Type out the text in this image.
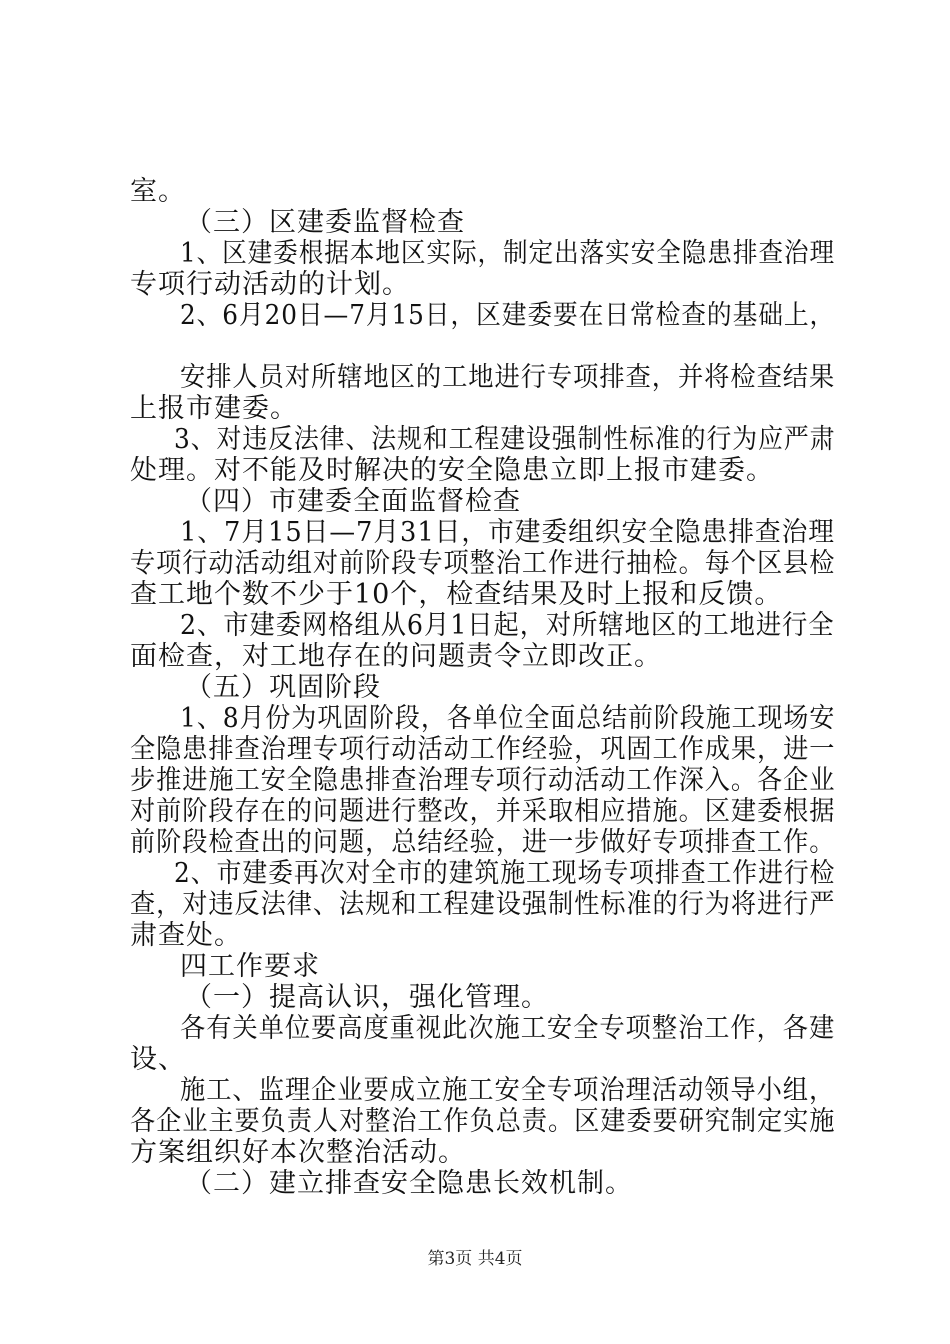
室。
（三）区建委监督检查
1、区建委根据本地区实际，制定出落实安全隐患排查治理
专项行动活动的计划。
2、6月20日—7月15日，区建委要在日常检查的基础上，
安排人员对所辖地区的工地进行专项排查，并将检查结果
上报市建委。
3、对违反法律、法规和工程建设强制性标准的行为应严肃
处理。对不能及时解决的安全隐患立即上报市建委。
（四）市建委全面监督检查
1、7月15日—7月31日，市建委组织安全隐患排查治理
专项行动活动组对前阶段专项整治工作进行抽检。每个区县检
查工地个数不少于10个，检查结果及时上报和反馈。
2、市建委网格组从6月1日起，对所辖地区的工地进行全
面检查，对工地存在的问题责令立即改正。
（五）巩固阶段
1、8月份为巩固阶段，各单位全面总结前阶段施工现场安
全隐患排查治理专项行动活动工作经验，巩固工作成果，进一
步推进施工安全隐患排查治理专项行动活动工作深入。各企业
对前阶段存在的问题进行整改，并采取相应措施。区建委根据
前阶段检查出的问题，总结经验，进一步做好专项排查工作。
2、市建委再次对全市的建筑施工现场专项排查工作进行检
查，对违反法律、法规和工程建设强制性标准的行为将进行严
肃查处。
四工作要求
（一）提高认识，强化管理。
各有关单位要高度重视此次施工安全专项整治工作，各建
设、
施工、监理企业要成立施工安全专项治理活动领导小组，
各企业主要负责人对整治工作负总责。区建委要研究制定实施
方案组织好本次整治活动。
（二）建立排查安全隐患长效机制。
第3页 共4页
